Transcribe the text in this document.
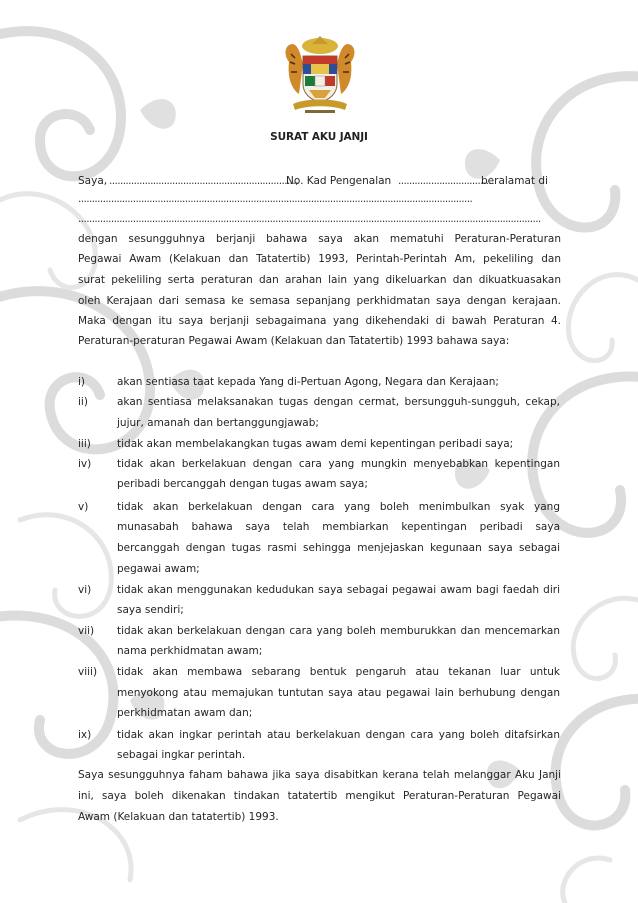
SURAT AKU JANJI
Saya, ....................................................................,
No. Kad Pengenalan ...................................
beralamat di
................................................................................................................................................
.........................................................................................................................................................................
dengan sesungguhnya berjanji bahawa saya akan mematuhi Peraturan-Peraturan
Pegawai Awam (Kelakuan dan Tatatertib) 1993, Perintah-Perintah Am, pekeliling dan
surat pekeliling serta peraturan dan arahan lain yang dikeluarkan dan dikuatkuasakan
oleh Kerajaan dari semasa ke semasa sepanjang perkhidmatan saya dengan kerajaan.
Maka dengan itu saya berjanji sebagaimana yang dikehendaki di bawah Peraturan 4.
Peraturan-peraturan Pegawai Awam (Kelakuan dan Tatatertib) 1993 bahawa saya:
i)	akan sentiasa taat kepada Yang di-Pertuan Agong, Negara dan Kerajaan;
ii)	akan sentiasa melaksanakan tugas dengan cermat, bersungguh-sungguh, cekap,
jujur, amanah dan bertanggungjawab;
iii) tidak akan membelakangkan tugas awam demi kepentingan peribadi saya;
iv) tidak akan berkelakuan dengan cara yang mungkin menyebabkan kepentingan
peribadi bercanggah dengan tugas awam saya;
v)	tidak akan berkelakuan dengan cara yang boleh menimbulkan syak yang
munasabah bahawa saya telah membiarkan kepentingan peribadi saya
bercanggah dengan tugas rasmi sehingga menjejaskan kegunaan saya sebagai
pegawai awam;
vi) tidak akan menggunakan kedudukan saya sebagai pegawai awam bagi faedah diri
saya sendiri;
vii) tidak akan berkelakuan dengan cara yang boleh memburukkan dan mencemarkan
nama perkhidmatan awam;
viii) tidak akan membawa sebarang bentuk pengaruh atau tekanan luar untuk
menyokong atau memajukan tuntutan saya atau pegawai lain berhubung dengan
perkhidmatan awam dan;
ix) tidak akan ingkar perintah atau berkelakuan dengan cara yang boleh ditafsirkan
sebagai ingkar perintah.
Saya sesungguhnya faham bahawa jika saya disabitkan kerana telah melanggar Aku Janji
ini, saya boleh dikenakan tindakan tatatertib mengikut Peraturan-Peraturan Pegawai
Awam (Kelakuan dan tatatertib) 1993.
